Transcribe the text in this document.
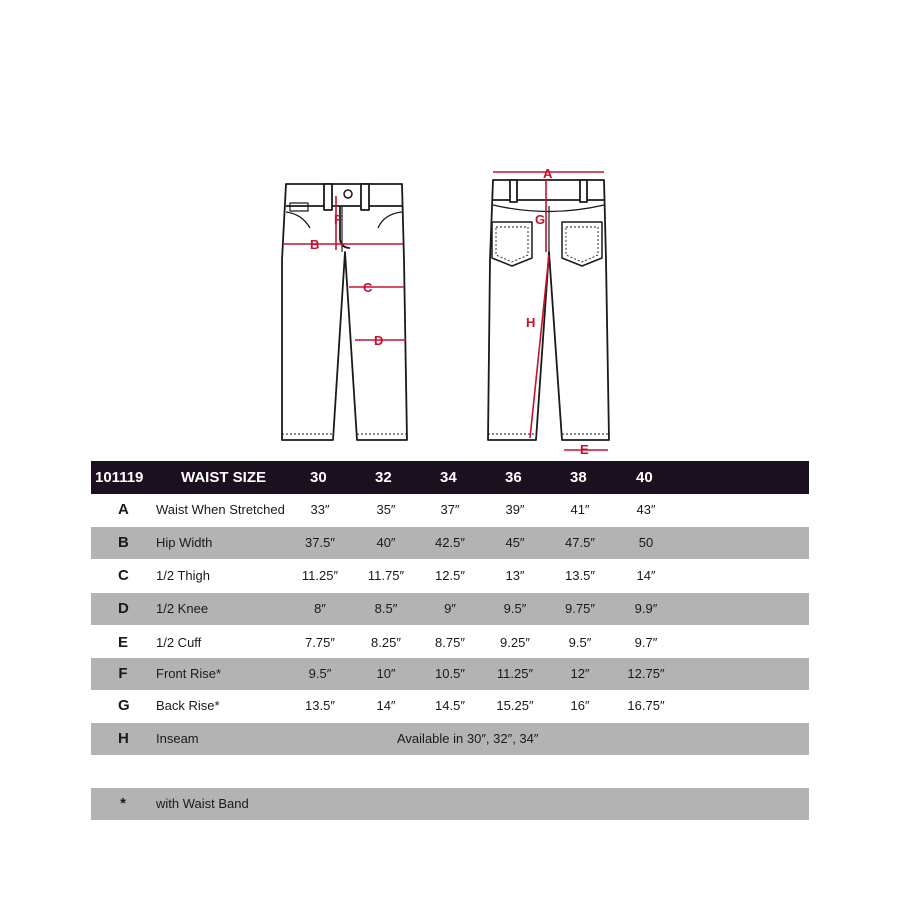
F
B
C
D
A
G
H
E
101119	WAIST SIZE	30	32	34	36	38	40
A Waist When Stretched	33″	35″	37″	39″	41″	43″
B Hip Width	37.5″	40″	42.5″	45″	47.5″	50
C 1/2 Thigh	11.25″	11.75″	12.5″	13″	13.5″	14″
D 1/2 Knee	8″	8.5″	9″	9.5″	9.75″	9.9″
E 1/2 Cuff	7.75″	8.25″	8.75″	9.25″	9.5″	9.7″
F Front Rise*	9.5″	10″	10.5″	11.25″	12″	12.75″
G Back Rise*	13.5″	14″	14.5″	15.25″	16″	16.75″
H Inseam	Available in 30″, 32″, 34″
* with Waist Band
